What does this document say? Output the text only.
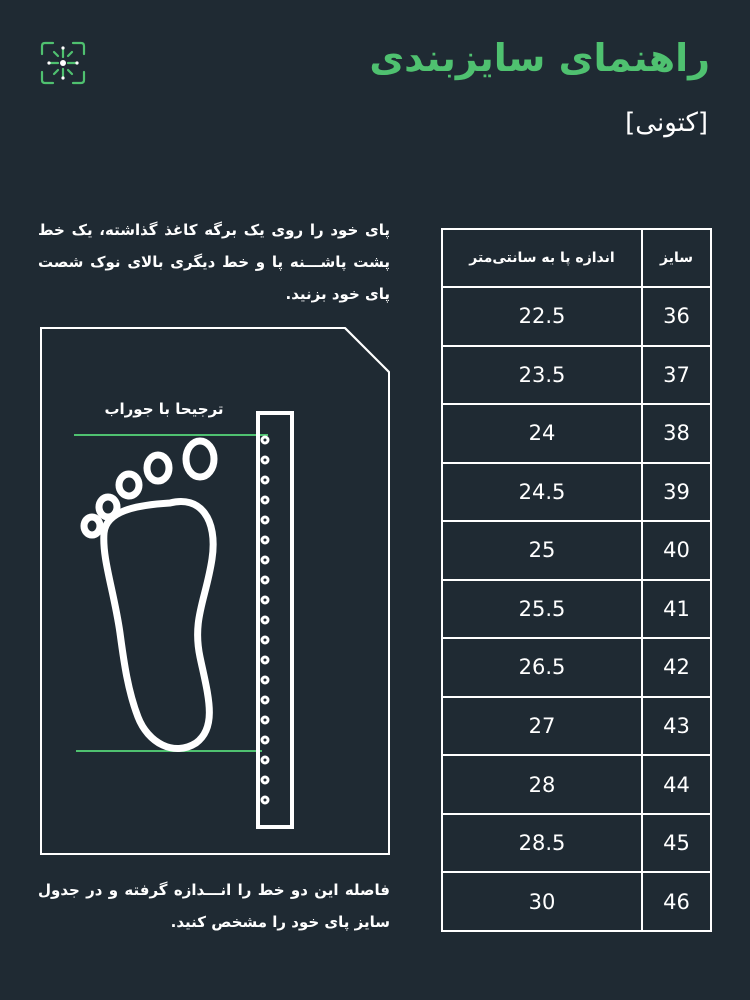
راهنمای سایزبندی
[کتونی]
پای خود را روی یک برگه کاغذ گذاشته، یک خط پشت پاشـــنه پا و خط دیگری بالای نوک شصت پای خود بزنید.
ترجیحا با جوراب
فاصله این دو خط را انـــدازه گرفته و در جدول سایز پای خود را مشخص کنید.
اندازه پا به سانتی‌متر	سایز
22.5	36
23.5	37
24	38
24.5	39
25	40
25.5	41
26.5	42
27	43
28	44
28.5	45
30	46
